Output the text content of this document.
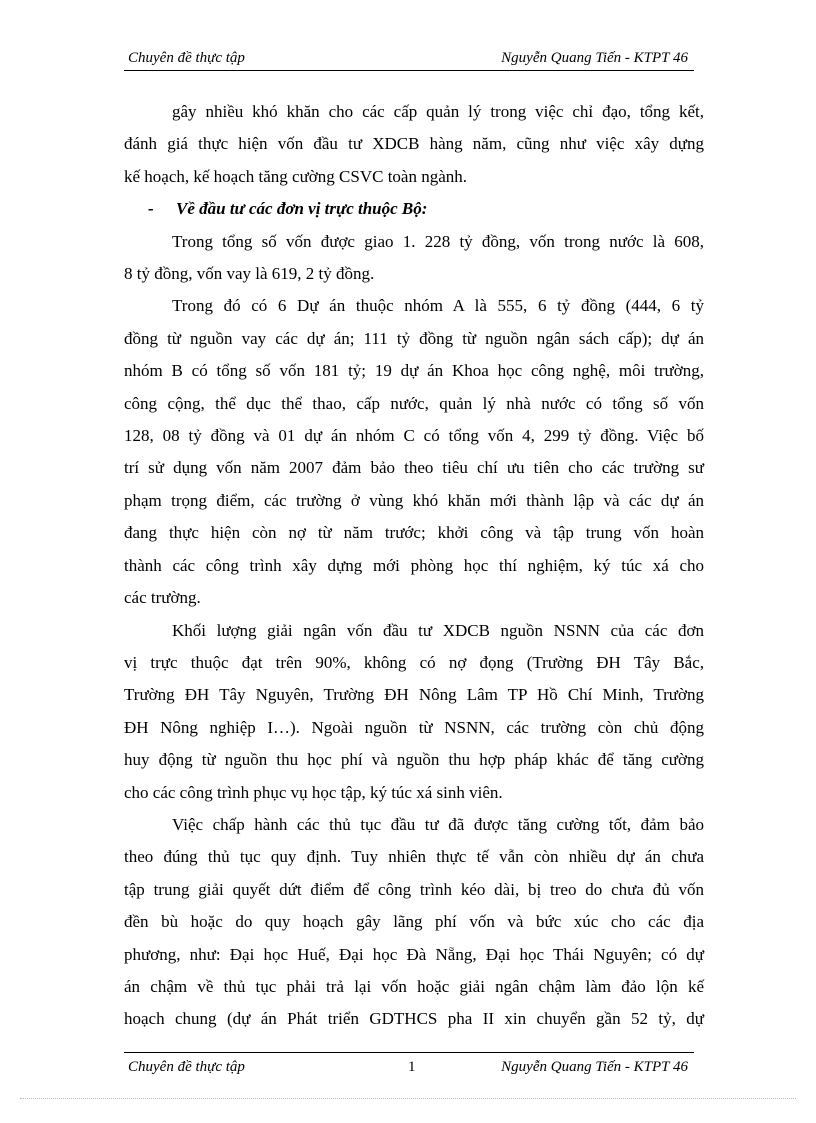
Chuyên đề thực tập	Nguyễn Quang Tiến - KTPT 46
gây nhiều khó khăn cho các cấp quản lý trong việc chỉ đạo, tổng kết,
đánh giá thực hiện vốn đầu tư XDCB hàng năm, cũng như việc xây dựng
kế hoạch, kế hoạch tăng cường CSVC toàn ngành.
- Về đầu tư các đơn vị trực thuộc Bộ:
Trong tổng số vốn được giao 1. 228 tỷ đồng, vốn trong nước là 608,
8 tỷ đồng, vốn vay là 619, 2 tỷ đồng.
Trong đó có 6 Dự án thuộc nhóm A là 555, 6 tỷ đồng (444, 6 tỷ
đồng từ nguồn vay các dự án; 111 tỷ đồng từ nguồn ngân sách cấp); dự án
nhóm B có tổng số vốn 181 tỷ; 19 dự án Khoa học công nghệ, môi trường,
công cộng, thể dục thể thao, cấp nước, quản lý nhà nước có tổng số vốn
128, 08 tỷ đồng và 01 dự án nhóm C có tổng vốn 4, 299 tỷ đồng. Việc bố
trí sử dụng vốn năm 2007 đảm bảo theo tiêu chí ưu tiên cho các trường sư
phạm trọng điểm, các trường ở vùng khó khăn mới thành lập và các dự án
đang thực hiện còn nợ từ năm trước; khởi công và tập trung vốn hoàn
thành các công trình xây dựng mới phòng học thí nghiệm, ký túc xá cho
các trường.
Khối lượng giải ngân vốn đầu tư XDCB nguồn NSNN của các đơn
vị trực thuộc đạt trên 90%, không có nợ đọng (Trường ĐH Tây Bắc,
Trường ĐH Tây Nguyên, Trường ĐH Nông Lâm TP Hồ Chí Minh, Trường
ĐH Nông nghiệp I…). Ngoài nguồn từ NSNN, các trường còn chủ động
huy động từ nguồn thu học phí và nguồn thu hợp pháp khác để tăng cường
cho các công trình phục vụ học tập, ký túc xá sinh viên.
Việc chấp hành các thủ tục đầu tư đã được tăng cường tốt, đảm bảo
theo đúng thủ tục quy định. Tuy nhiên thực tế vẫn còn nhiều dự án chưa
tập trung giải quyết dứt điểm để công trình kéo dài, bị treo do chưa đủ vốn
đền bù hoặc do quy hoạch gây lãng phí vốn và bức xúc cho các địa
phương, như: Đại học Huế, Đại học Đà Nẵng, Đại học Thái Nguyên; có dự
án chậm về thủ tục phải trả lại vốn hoặc giải ngân chậm làm đảo lộn kế
hoạch chung (dự án Phát triển GDTHCS pha II xin chuyển gần 52 tỷ, dự
Chuyên đề thực tập	1	Nguyễn Quang Tiến - KTPT 46
